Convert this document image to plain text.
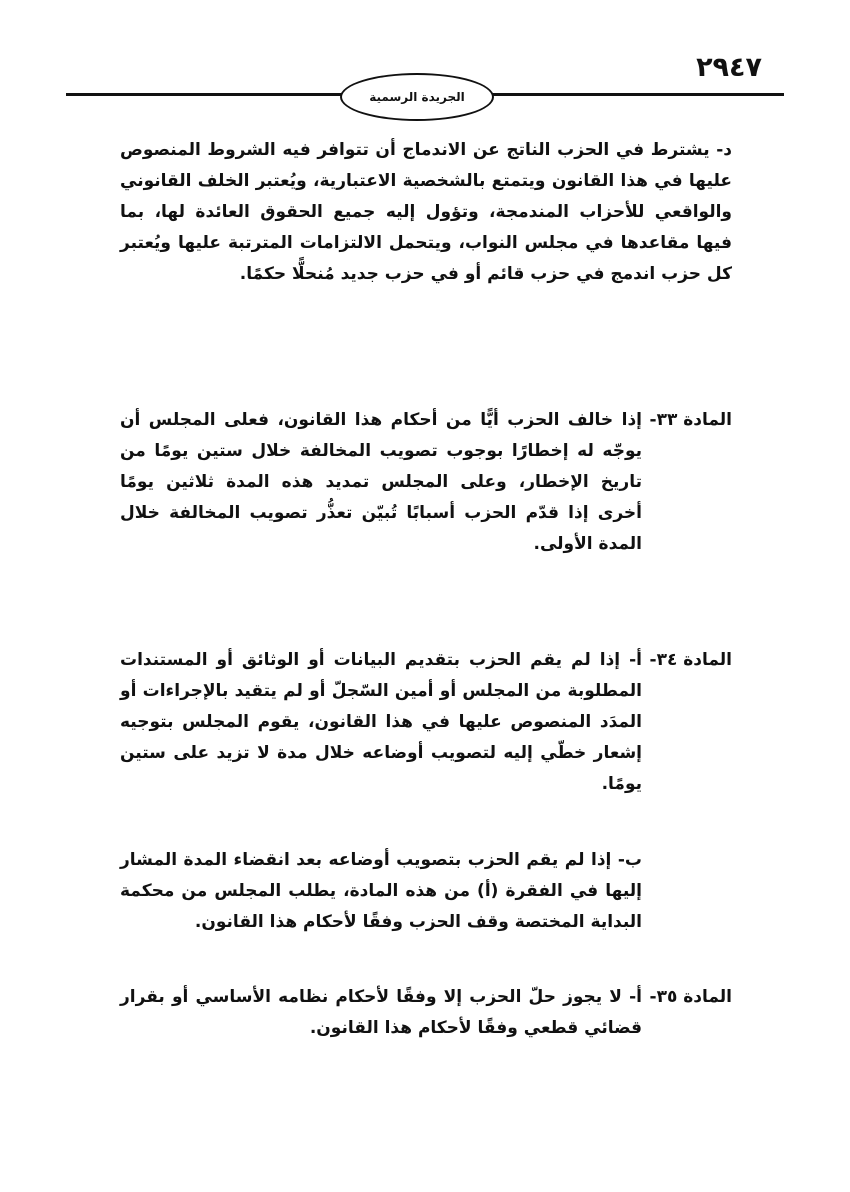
٢٩٤٧
الجريدة الرسمية

د- يشترط في الحزب الناتج عن الاندماج أن تتوافر فيه الشروط المنصوص عليها في هذا القانون ويتمتع بالشخصية الاعتبارية، ويُعتبر الخلف القانوني والواقعي للأحزاب المندمجة، وتؤول إليه جميع الحقوق العائدة لها، بما فيها مقاعدها في مجلس النواب، ويتحمل الالتزامات المترتبة عليها ويُعتبر كل حزب اندمج في حزب قائم أو في حزب جديد مُنحلًّا حكمًا.

المادة ٣٣-

إذا خالف الحزب أيًّا من أحكام هذا القانون، فعلى المجلس أن يوجّه له إخطارًا بوجوب تصويب المخالفة خلال ستين يومًا من تاريخ الإخطار، وعلى المجلس تمديد هذه المدة ثلاثين يومًا أخرى إذا قدّم الحزب أسبابًا تُبيّن تعذُّر تصويب المخالفة خلال المدة الأولى.

المادة ٣٤-

أ- إذا لم يقم الحزب بتقديم البيانات أو الوثائق أو المستندات المطلوبة من المجلس أو أمين السّجلّ أو لم يتقيد بالإجراءات أو المدَد المنصوص عليها في هذا القانون، يقوم المجلس بتوجيه إشعار خطّي إليه لتصويب أوضاعه خلال مدة لا تزيد على ستين يومًا.

ب- إذا لم يقم الحزب بتصويب أوضاعه بعد انقضاء المدة المشار إليها في الفقرة (أ) من هذه المادة، يطلب المجلس من محكمة البداية المختصة وقف الحزب وفقًا لأحكام هذا القانون.

المادة ٣٥-

أ- لا يجوز حلّ الحزب إلا وفقًا لأحكام نظامه الأساسي أو بقرار قضائي قطعي وفقًا لأحكام هذا القانون.
